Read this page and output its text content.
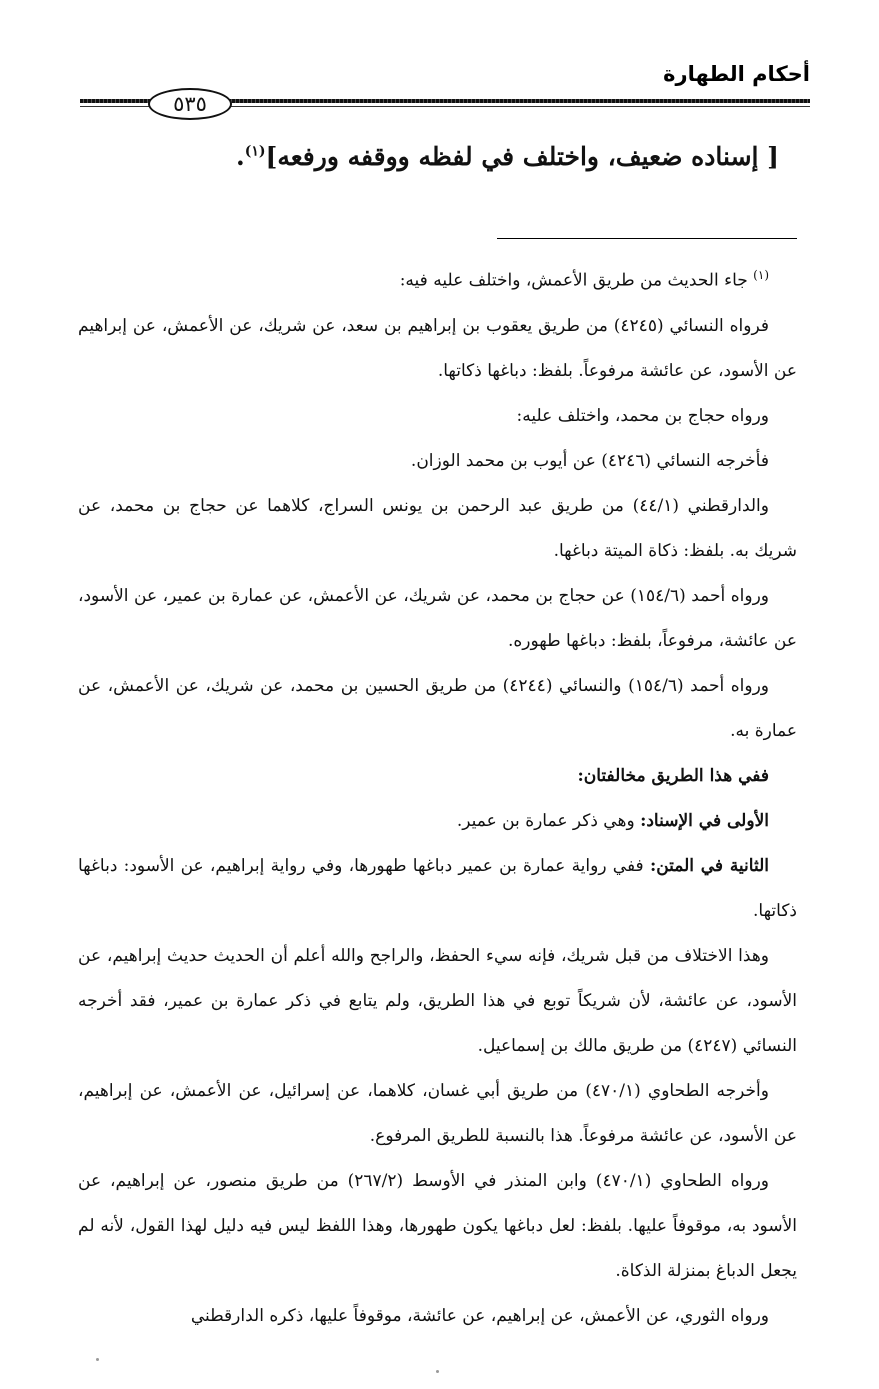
أحكام الطهارة
٥٣٥
[ إسناده ضعيف، واختلف في لفظه ووقفه ورفعه]$^{(١)}$.

$^{(١)}$ جاء الحديث من طريق الأعمش، واختلف عليه فيه:

فرواه النسائي (٤٢٤٥) من طريق يعقوب بن إبراهيم بن سعد، عن شريك، عن الأعمش، عن إبراهيم عن الأسود، عن عائشة مرفوعاً. بلفظ: دباغها ذكاتها.

ورواه حجاج بن محمد، واختلف عليه:

فأخرجه النسائي (٤٢٤٦) عن أيوب بن محمد الوزان.

والدارقطني (٤٤/١) من طريق عبد الرحمن بن يونس السراج، كلاهما عن حجاج بن محمد، عن شريك به. بلفظ: ذكاة الميتة دباغها.

ورواه أحمد (١٥٤/٦) عن حجاج بن محمد، عن شريك، عن الأعمش، عن عمارة بن عمير، عن الأسود، عن عائشة، مرفوعاً، بلفظ: دباغها طهوره.

ورواه أحمد (١٥٤/٦) والنسائي (٤٢٤٤) من طريق الحسين بن محمد، عن شريك، عن الأعمش، عن عمارة به.

ففي هذا الطريق مخالفتان:

الأولى في الإسناد: وهي ذكر عمارة بن عمير.

الثانية في المتن: ففي رواية عمارة بن عمير دباغها طهورها، وفي رواية إبراهيم، عن الأسود: دباغها ذكاتها.

وهذا الاختلاف من قبل شريك، فإنه سيء الحفظ، والراجح والله أعلم أن الحديث حديث إبراهيم، عن الأسود، عن عائشة، لأن شريكاً توبع في هذا الطريق، ولم يتابع في ذكر عمارة بن عمير، فقد أخرجه النسائي (٤٢٤٧) من طريق مالك بن إسماعيل.

وأخرجه الطحاوي (٤٧٠/١) من طريق أبي غسان، كلاهما، عن إسرائيل، عن الأعمش، عن إبراهيم، عن الأسود، عن عائشة مرفوعاً. هذا بالنسبة للطريق المرفوع.

ورواه الطحاوي (٤٧٠/١) وابن المنذر في الأوسط (٢٦٧/٢) من طريق منصور، عن إبراهيم، عن الأسود به، موقوفاً عليها. بلفظ: لعل دباغها يكون طهورها، وهذا اللفظ ليس فيه دليل لهذا القول، لأنه لم يجعل الدباغ بمنزلة الذكاة.

ورواه الثوري، عن الأعمش، عن إبراهيم، عن عائشة، موقوفاً عليها، ذكره الدارقطني
